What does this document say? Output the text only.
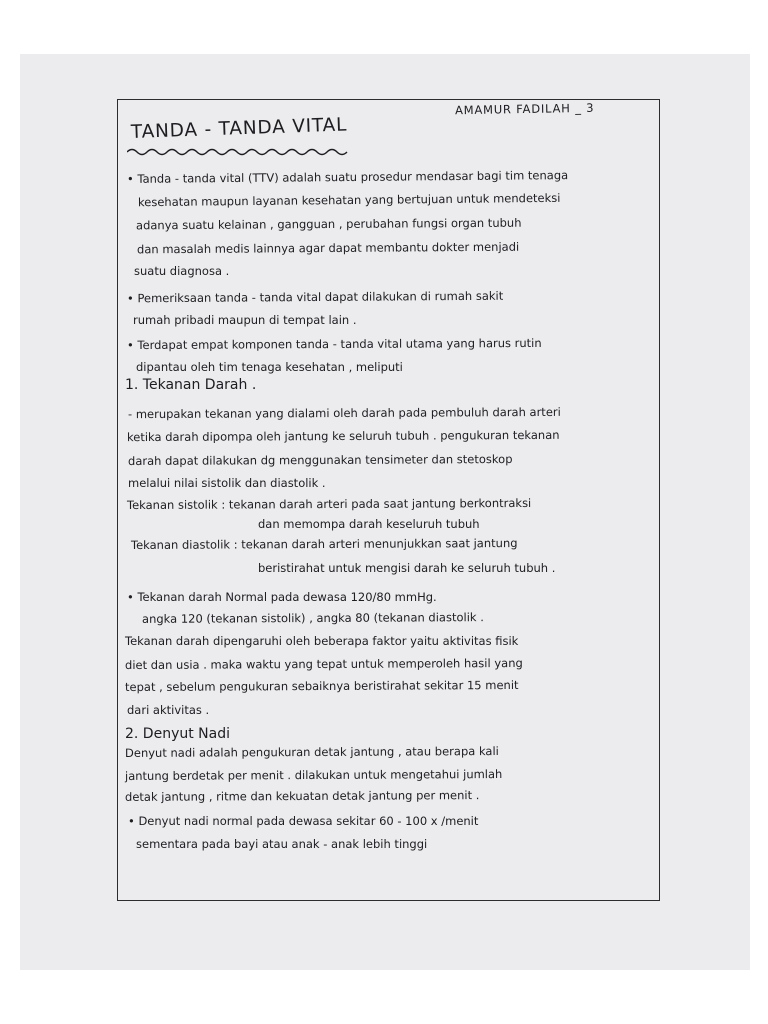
AMAMUR FADILAH _ 3
TANDA - TANDA VITAL
• Tanda - tanda vital (TTV) adalah suatu prosedur mendasar bagi tim tenaga
kesehatan maupun layanan kesehatan yang bertujuan untuk mendeteksi
adanya suatu kelainan , gangguan , perubahan fungsi organ tubuh
dan masalah medis lainnya agar dapat membantu dokter menjadi
suatu diagnosa .
• Pemeriksaan tanda - tanda vital dapat dilakukan di rumah sakit
rumah pribadi maupun di tempat lain .
• Terdapat empat komponen tanda - tanda vital utama yang harus rutin
dipantau oleh tim tenaga kesehatan , meliputi
1. Tekanan Darah .
- merupakan tekanan yang dialami oleh darah pada pembuluh darah arteri
ketika darah dipompa oleh jantung ke seluruh tubuh . pengukuran tekanan
darah dapat dilakukan dg menggunakan tensimeter dan stetoskop
melalui nilai sistolik dan diastolik .
Tekanan sistolik : tekanan darah arteri pada saat jantung berkontraksi
dan memompa darah keseluruh tubuh
Tekanan diastolik : tekanan darah arteri menunjukkan saat jantung
beristirahat untuk mengisi darah ke seluruh tubuh .
• Tekanan darah Normal pada dewasa 120/80 mmHg.
angka 120 (tekanan sistolik) , angka 80 (tekanan diastolik .
Tekanan darah dipengaruhi oleh beberapa faktor yaitu aktivitas fisik
diet dan usia . maka waktu yang tepat untuk memperoleh hasil yang
tepat , sebelum pengukuran sebaiknya beristirahat sekitar 15 menit
dari aktivitas .
2. Denyut Nadi
Denyut nadi adalah pengukuran detak jantung , atau berapa kali
jantung berdetak per menit . dilakukan untuk mengetahui jumlah
detak jantung , ritme dan kekuatan detak jantung per menit .
• Denyut nadi normal pada dewasa sekitar 60 - 100 x /menit
sementara pada bayi atau anak - anak lebih tinggi
